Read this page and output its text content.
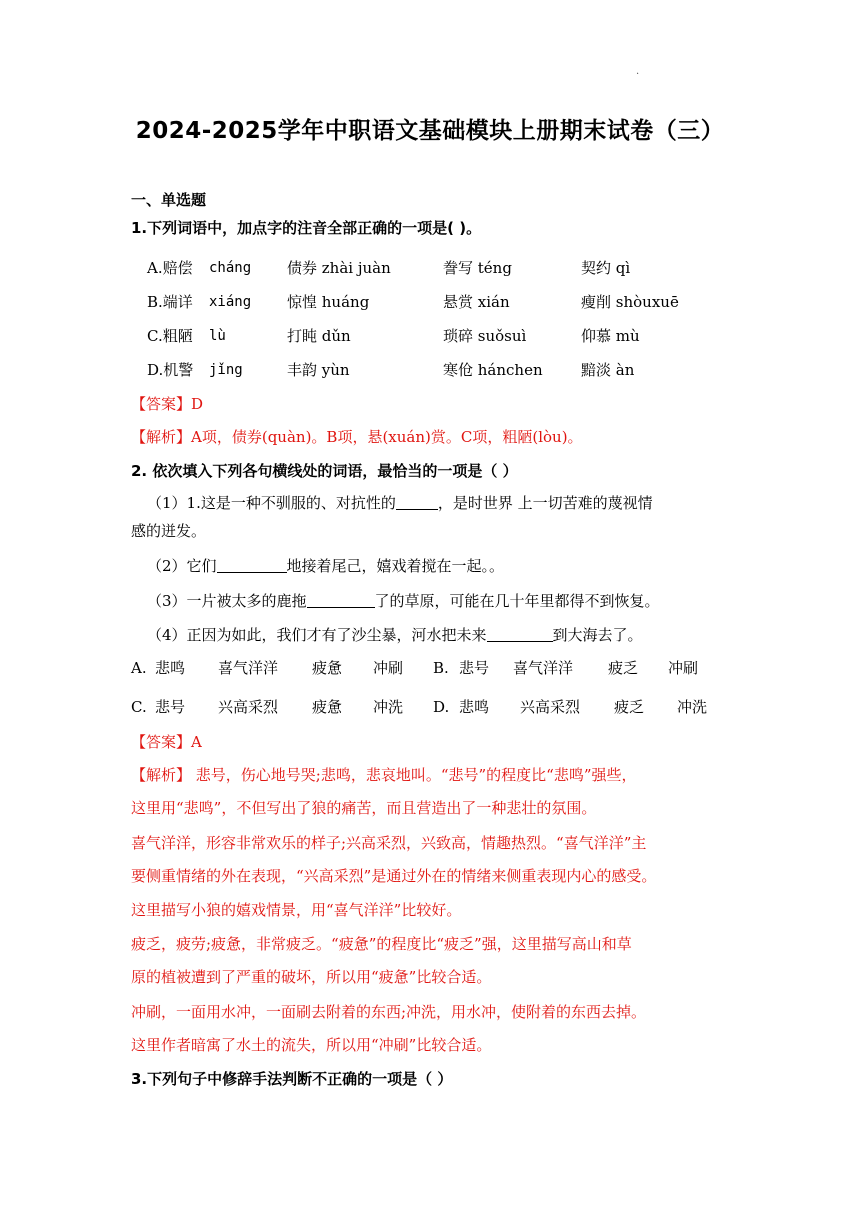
.
2024-2025学年中职语文基础模块上册期末试卷（三）
一、单选题
1.下列词语中，加点字的注音全部正确的一项是( )。
A.赔偿 cháng 债券 zhài juàn	誊写 téng	契约 qì
B.端详 xiáng 惊惶 huáng	悬赏 xián	瘦削 shòuxuē
C.粗陋 lù	打盹 dǔn	琐碎 suǒsuì	仰慕 mù
D.机警 jǐng	丰韵 yùn	寒伧 hánchen	黯淡 àn
【答案】D
【解析】A项，债券(quàn)。B项，悬(xuán)赏。C项，粗陋(lòu)。
2. 依次填入下列各句横线处的词语，最恰当的一项是（ ）
（1）1.这是一种不驯服的、对抗性的	，是时世界 上一切苦难的蔑视情
感的迸发。
（2）它们	地接着尾己，嬉戏着搅在一起。。
（3）一片被太多的鹿拖	了的草原，可能在几十年里都得不到恢复。
（4）正因为如此，我们才有了沙尘暴，河水把未来	到大海去了。
A. 悲鸣 喜气洋洋 疲惫 冲刷 B. 悲号 喜气洋洋 疲乏 冲刷
C. 悲号 兴高采烈 疲惫 冲洗 D. 悲鸣 兴高采烈 疲乏 冲洗
【答案】A
【解析】 悲号，伤心地号哭;悲鸣，悲哀地叫。“悲号”的程度比“悲鸣”强些，
这里用“悲鸣”，不但写出了狼的痛苦，而且营造出了一种悲壮的氛围。
喜气洋洋，形容非常欢乐的样子;兴高采烈，兴致高，情趣热烈。“喜气洋洋”主
要侧重情绪的外在表现，“兴高采烈”是通过外在的情绪来侧重表现内心的感受。
这里描写小狼的嬉戏情景，用“喜气洋洋”比较好。
疲乏，疲劳;疲惫，非常疲乏。“疲惫”的程度比“疲乏”强，这里描写高山和草
原的植被遭到了严重的破坏，所以用“疲惫”比较合适。
冲刷，一面用水冲，一面刷去附着的东西;冲洗，用水冲，使附着的东西去掉。
这里作者暗寓了水土的流失，所以用“冲刷”比较合适。
3.下列句子中修辞手法判断不正确的一项是（ ）
